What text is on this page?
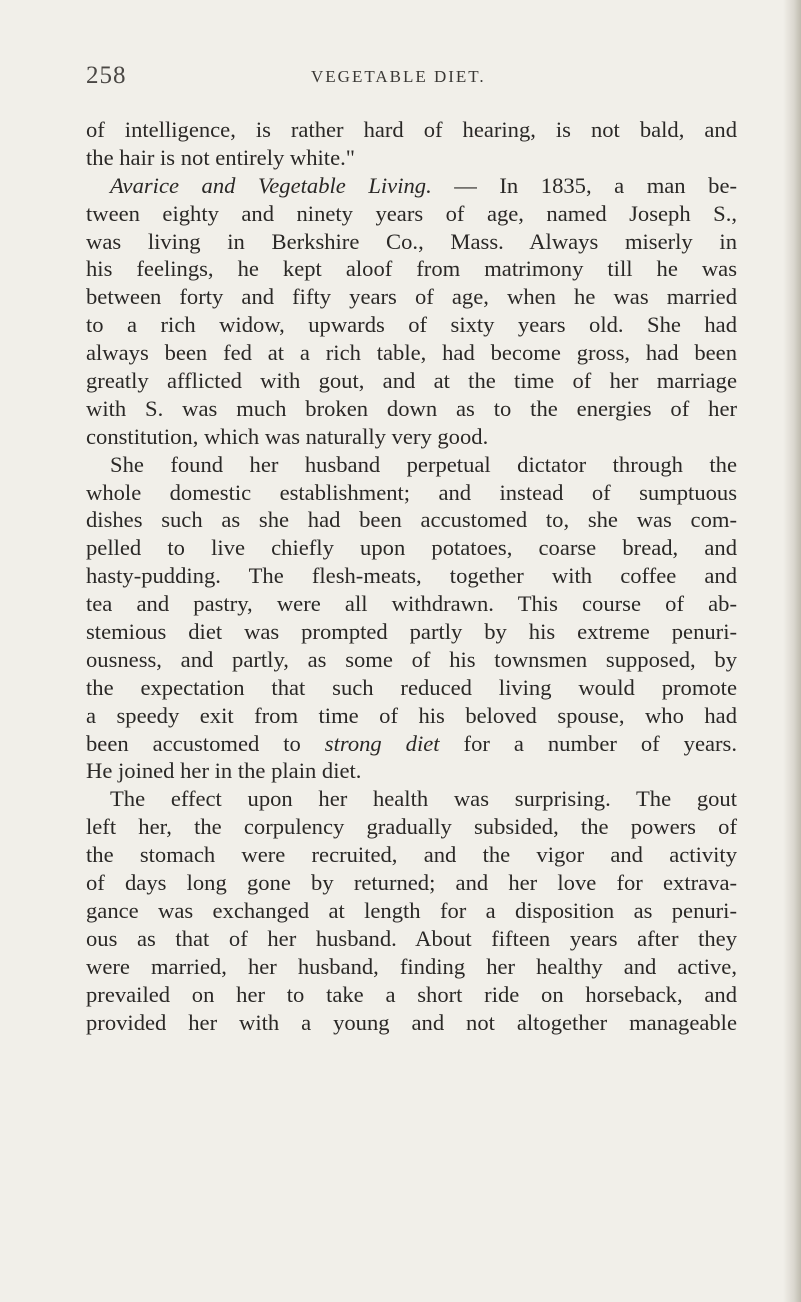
258	VEGETABLE DIET.
of intelligence, is rather hard of hearing, is not bald, and
the hair is not entirely white."
Avarice and Vegetable Living. — In 1835, a man be-
tween eighty and ninety years of age, named Joseph S.,
was living in Berkshire Co., Mass. Always miserly in
his feelings, he kept aloof from matrimony till he was
between forty and fifty years of age, when he was married
to a rich widow, upwards of sixty years old. She had
always been fed at a rich table, had become gross, had been
greatly afflicted with gout, and at the time of her marriage
with S. was much broken down as to the energies of her
constitution, which was naturally very good.
She found her husband perpetual dictator through the
whole domestic establishment; and instead of sumptuous
dishes such as she had been accustomed to, she was com-
pelled to live chiefly upon potatoes, coarse bread, and
hasty-pudding. The flesh-meats, together with coffee and
tea and pastry, were all withdrawn. This course of ab-
stemious diet was prompted partly by his extreme penuri-
ousness, and partly, as some of his townsmen supposed, by
the expectation that such reduced living would promote
a speedy exit from time of his beloved spouse, who had
been accustomed to strong diet for a number of years.
He joined her in the plain diet.
The effect upon her health was surprising. The gout
left her, the corpulency gradually subsided, the powers of
the stomach were recruited, and the vigor and activity
of days long gone by returned; and her love for extrava-
gance was exchanged at length for a disposition as penuri-
ous as that of her husband. About fifteen years after they
were married, her husband, finding her healthy and active,
prevailed on her to take a short ride on horseback, and
provided her with a young and not altogether manageable
